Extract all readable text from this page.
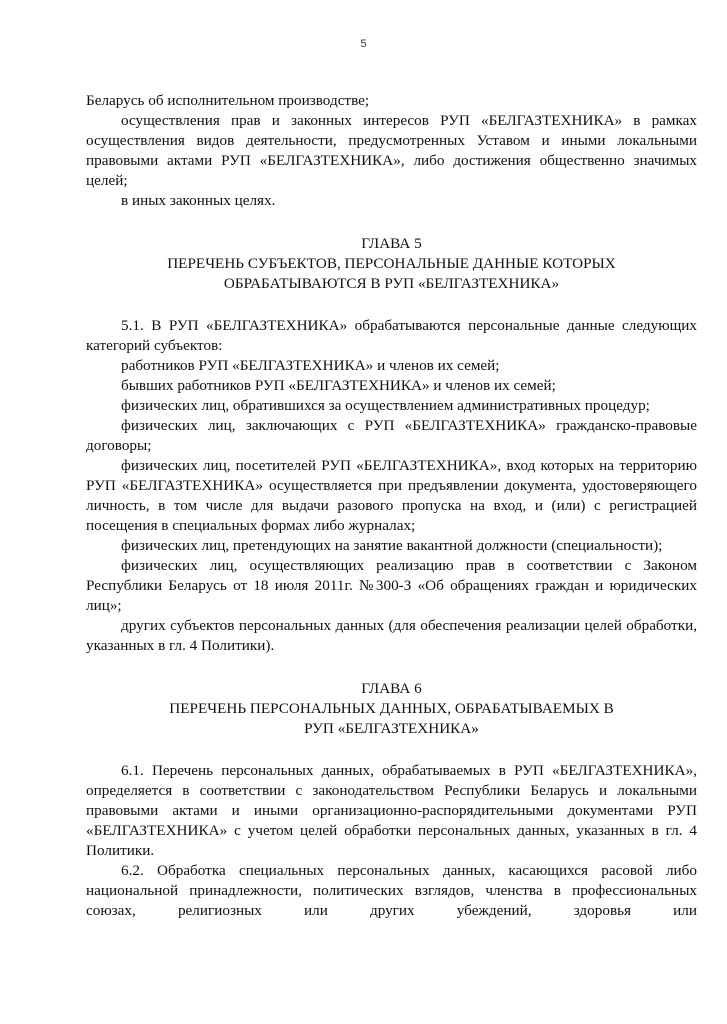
5

Беларусь об исполнительном производстве;

осуществления прав и законных интересов РУП «БЕЛГАЗТЕХНИКА» в рамках осуществления видов деятельности, предусмотренных Уставом и иными локальными правовыми актами РУП «БЕЛГАЗТЕХНИКА», либо достижения общественно значимых целей;

в иных законных целях.

ГЛАВА 5
ПЕРЕЧЕНЬ СУБЪЕКТОВ, ПЕРСОНАЛЬНЫЕ ДАННЫЕ КОТОРЫХ
ОБРАБАТЫВАЮТСЯ В РУП «БЕЛГАЗТЕХНИКА»

5.1. В РУП «БЕЛГАЗТЕХНИКА» обрабатываются персональные данные следующих категорий субъектов:

работников РУП «БЕЛГАЗТЕХНИКА» и членов их семей;

бывших работников РУП «БЕЛГАЗТЕХНИКА» и членов их семей;

физических лиц, обратившихся за осуществлением административных процедур;

физических лиц, заключающих с РУП «БЕЛГАЗТЕХНИКА» гражданско-правовые договоры;

физических лиц, посетителей РУП «БЕЛГАЗТЕХНИКА», вход которых на территорию РУП «БЕЛГАЗТЕХНИКА» осуществляется при предъявлении документа, удостоверяющего личность, в том числе для выдачи разового пропуска на вход, и (или) с регистрацией посещения в специальных формах либо журналах;

физических лиц, претендующих на занятие вакантной должности (специальности);

физических лиц, осуществляющих реализацию прав в соответствии с Законом Республики Беларусь от 18 июля 2011г. №300-З «Об обращениях граждан и юридических лиц»;

других субъектов персональных данных (для обеспечения реализации целей обработки, указанных в гл. 4 Политики).

ГЛАВА 6
ПЕРЕЧЕНЬ ПЕРСОНАЛЬНЫХ ДАННЫХ, ОБРАБАТЫВАЕМЫХ В
РУП «БЕЛГАЗТЕХНИКА»

6.1. Перечень персональных данных, обрабатываемых в РУП «БЕЛГАЗТЕХНИКА», определяется в соответствии с законодательством Республики Беларусь и локальными правовыми актами и иными организационно-распорядительными документами РУП «БЕЛГАЗТЕХНИКА» с учетом целей обработки персональных данных, указанных в гл. 4 Политики.

6.2. Обработка специальных персональных данных, касающихся расовой либо национальной принадлежности, политических взглядов, членства в профессиональных союзах, религиозных или других убеждений, здоровья или
